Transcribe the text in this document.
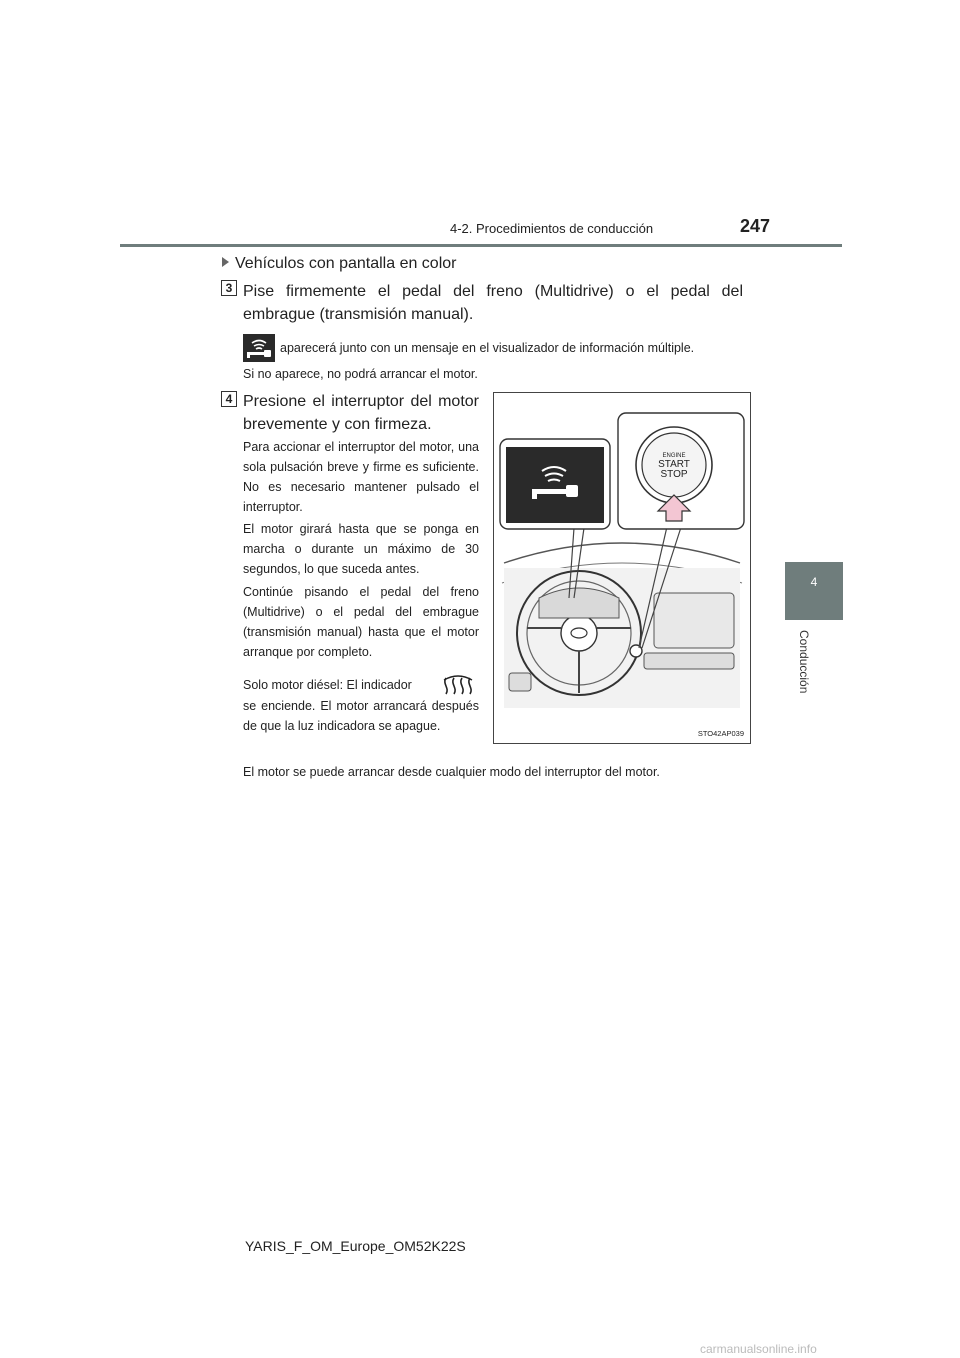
4-2. Procedimientos de conducción	247
4
Conducción
Vehículos con pantalla en color
3 Pise firmemente el pedal del freno (Multidrive) o el pedal del embrague (transmisión manual).
aparecerá junto con un mensaje en el visualizador de información múltiple.
Si no aparece, no podrá arrancar el motor.
4 Presione el interruptor del motor brevemente y con firmeza.
Para accionar el interruptor del motor, una sola pulsación breve y firme es suficiente. No es necesario mantener pulsado el interruptor.
El motor girará hasta que se ponga en marcha o durante un máximo de 30 segundos, lo que suceda antes.
Continúe pisando el pedal del freno (Multidrive) o el pedal del embrague (transmisión manual) hasta que el motor arranque por completo.
Solo motor diésel: El indicador
se enciende. El motor arrancará después de que la luz indicadora se apague.
El motor se puede arrancar desde cualquier modo del interruptor del motor.
ENGINE
START
STOP
STO42AP039
YARIS_F_OM_Europe_OM52K22S
carmanualsonline.info
